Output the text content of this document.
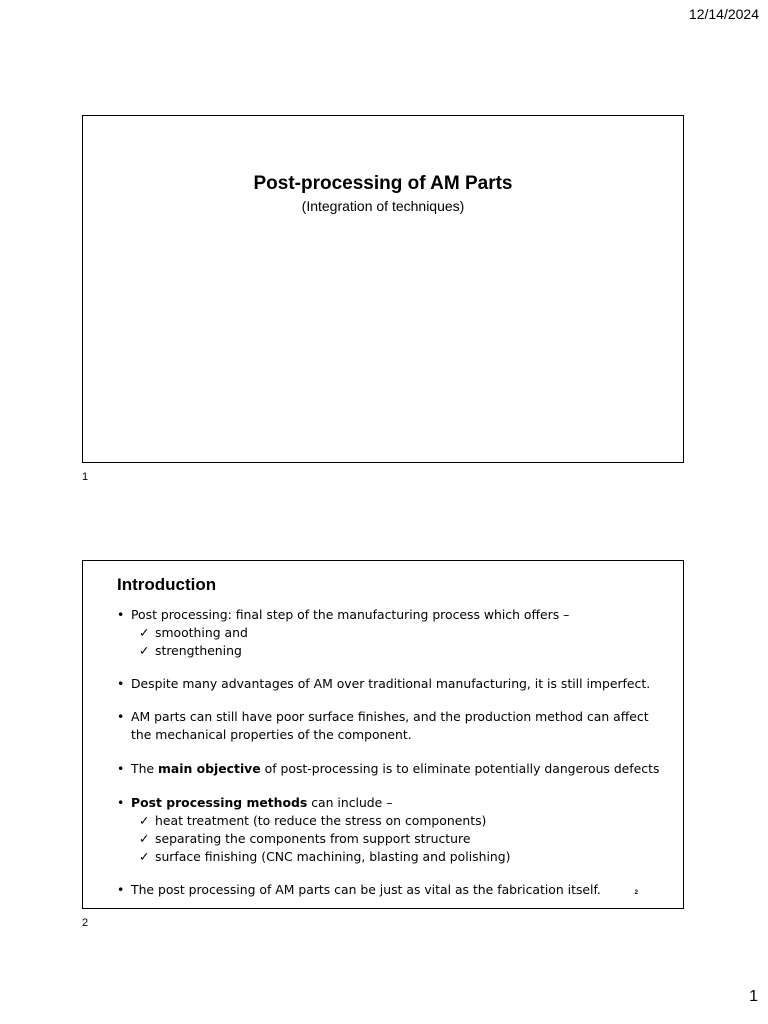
12/14/2024
Post-processing of AM Parts
(Integration of techniques)
1
Introduction
• Post processing: final step of the manufacturing process which offers –
✓ smoothing and
✓ strengthening
• Despite many advantages of AM over traditional manufacturing, it is still imperfect.
• AM parts can still have poor surface finishes, and the production method can affect
the mechanical properties of the component.
• The main objective of post-processing is to eliminate potentially dangerous defects
• Post processing methods can include –
✓ heat treatment (to reduce the stress on components)
✓ separating the components from support structure
✓ surface finishing (CNC machining, blasting and polishing)
• The post processing of AM parts can be just as vital as the fabrication itself.	2
2
1
